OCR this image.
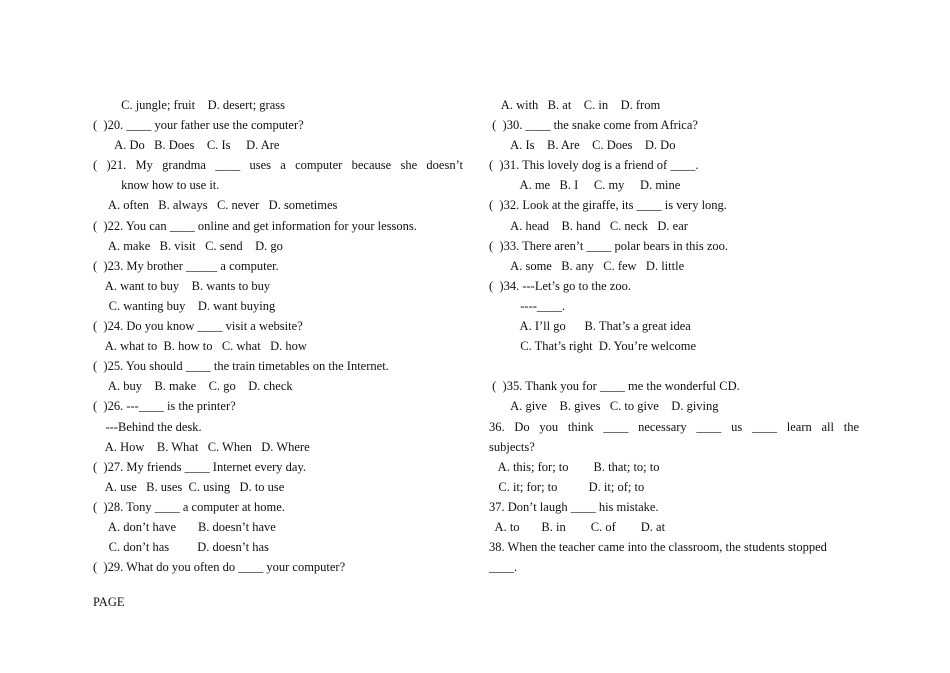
C. jungle; fruit    D. desert; grass
(  )20. ____ your father use the computer?
A. Do   B. Does    C. Is     D. Are
( )21. My grandma ____ uses a computer because she doesn’t
know how to use it.
A. often   B. always   C. never   D. sometimes
(  )22. You can ____ online and get information for your lessons.
A. make   B. visit   C. send    D. go
(  )23. My brother _____ a computer.
A. want to buy    B. wants to buy
C. wanting buy    D. want buying
(  )24. Do you know ____ visit a website?
A. what to  B. how to   C. what   D. how
(  )25. You should ____ the train timetables on the Internet.
A. buy    B. make    C. go    D. check
(  )26. ---____ is the printer?
---Behind the desk.
A. How    B. What   C. When   D. Where
(  )27. My friends ____ Internet every day.
A. use   B. uses  C. using   D. to use
(  )28. Tony ____ a computer at home.
A. don’t have       B. doesn’t have
C. don’t has         D. doesn’t has
(  )29. What do you often do ____ your computer?
A. with   B. at    C. in    D. from
(  )30. ____ the snake come from Africa?
A. Is    B. Are    C. Does    D. Do
(  )31. This lovely dog is a friend of ____.
A. me   B. I     C. my     D. mine
(  )32. Look at the giraffe, its ____ is very long.
A. head    B. hand   C. neck   D. ear
(  )33. There aren’t ____ polar bears in this zoo.
A. some   B. any   C. few   D. little
(  )34. ---Let’s go to the zoo.
----____.
A. I’ll go      B. That’s a great idea
C. That’s right  D. You’re welcome
(  )35. Thank you for ____ me the wonderful CD.
A. give    B. gives   C. to give    D. giving
36. Do you think ____ necessary ____ us ____ learn all the
subjects?
A. this; for; to        B. that; to; to
C. it; for; to          D. it; of; to
37. Don’t laugh ____ his mistake.
A. to       B. in        C. of        D. at
38. When the teacher came into the classroom, the students stopped
____.
PAGE
